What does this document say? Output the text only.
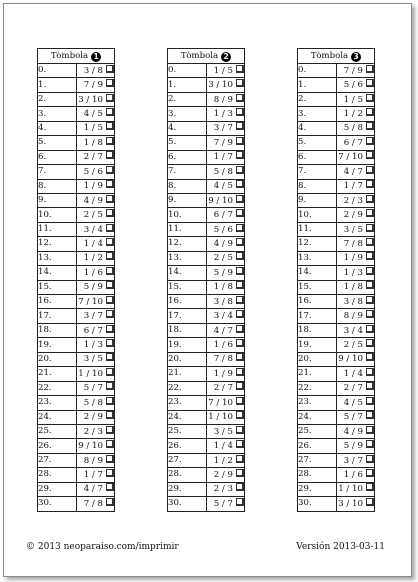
Tòmbola 1	
0.	3 / 8
1.	7 / 9
2.	3 / 10
3.	4 / 5
4.	1 / 5
5.	1 / 8
6.	2 / 7
7.	5 / 6
8.	1 / 9
9.	4 / 9
10.	2 / 5
11.	3 / 4
12.	1 / 4
13.	1 / 2
14.	1 / 6
15.	5 / 9
16.	7 / 10
17.	3 / 7
18.	6 / 7
19.	1 / 3
20.	3 / 5
21.	1 / 10
22.	5 / 7
23.	5 / 8
24.	2 / 9
25.	2 / 3
26.	9 / 10
27.	8 / 9
28.	1 / 7
29.	4 / 7
30.	7 / 8
Tòmbola 2	
0.	1 / 5
1.	3 / 10
2.	8 / 9
3.	1 / 3
4.	3 / 7
5.	7 / 9
6.	1 / 7
7.	5 / 8
8.	4 / 5
9.	9 / 10
10.	6 / 7
11.	5 / 6
12.	4 / 9
13.	2 / 5
14.	5 / 9
15.	1 / 8
16.	3 / 8
17.	3 / 4
18.	4 / 7
19.	1 / 6
20.	7 / 8
21.	1 / 9
22.	2 / 7
23.	7 / 10
24.	1 / 10
25.	3 / 5
26.	1 / 4
27.	1 / 2
28.	2 / 9
29.	2 / 3
30.	5 / 7
Tòmbola 3	
0.	7 / 9
1.	5 / 6
2.	1 / 5
3.	1 / 2
4.	5 / 8
5.	6 / 7
6.	7 / 10
7.	4 / 7
8.	1 / 7
9.	2 / 3
10.	2 / 9
11.	3 / 5
12.	7 / 8
13.	1 / 9
14.	1 / 3
15.	1 / 8
16.	3 / 8
17.	8 / 9
18.	3 / 4
19.	2 / 5
20.	9 / 10
21.	1 / 4
22.	2 / 7
23.	4 / 5
24.	5 / 7
25.	4 / 9
26.	5 / 9
27.	3 / 7
28.	1 / 6
29.	1 / 10
30.	3 / 10
© 2013 neoparaiso.com/imprimir	Versión 2013-03-11
